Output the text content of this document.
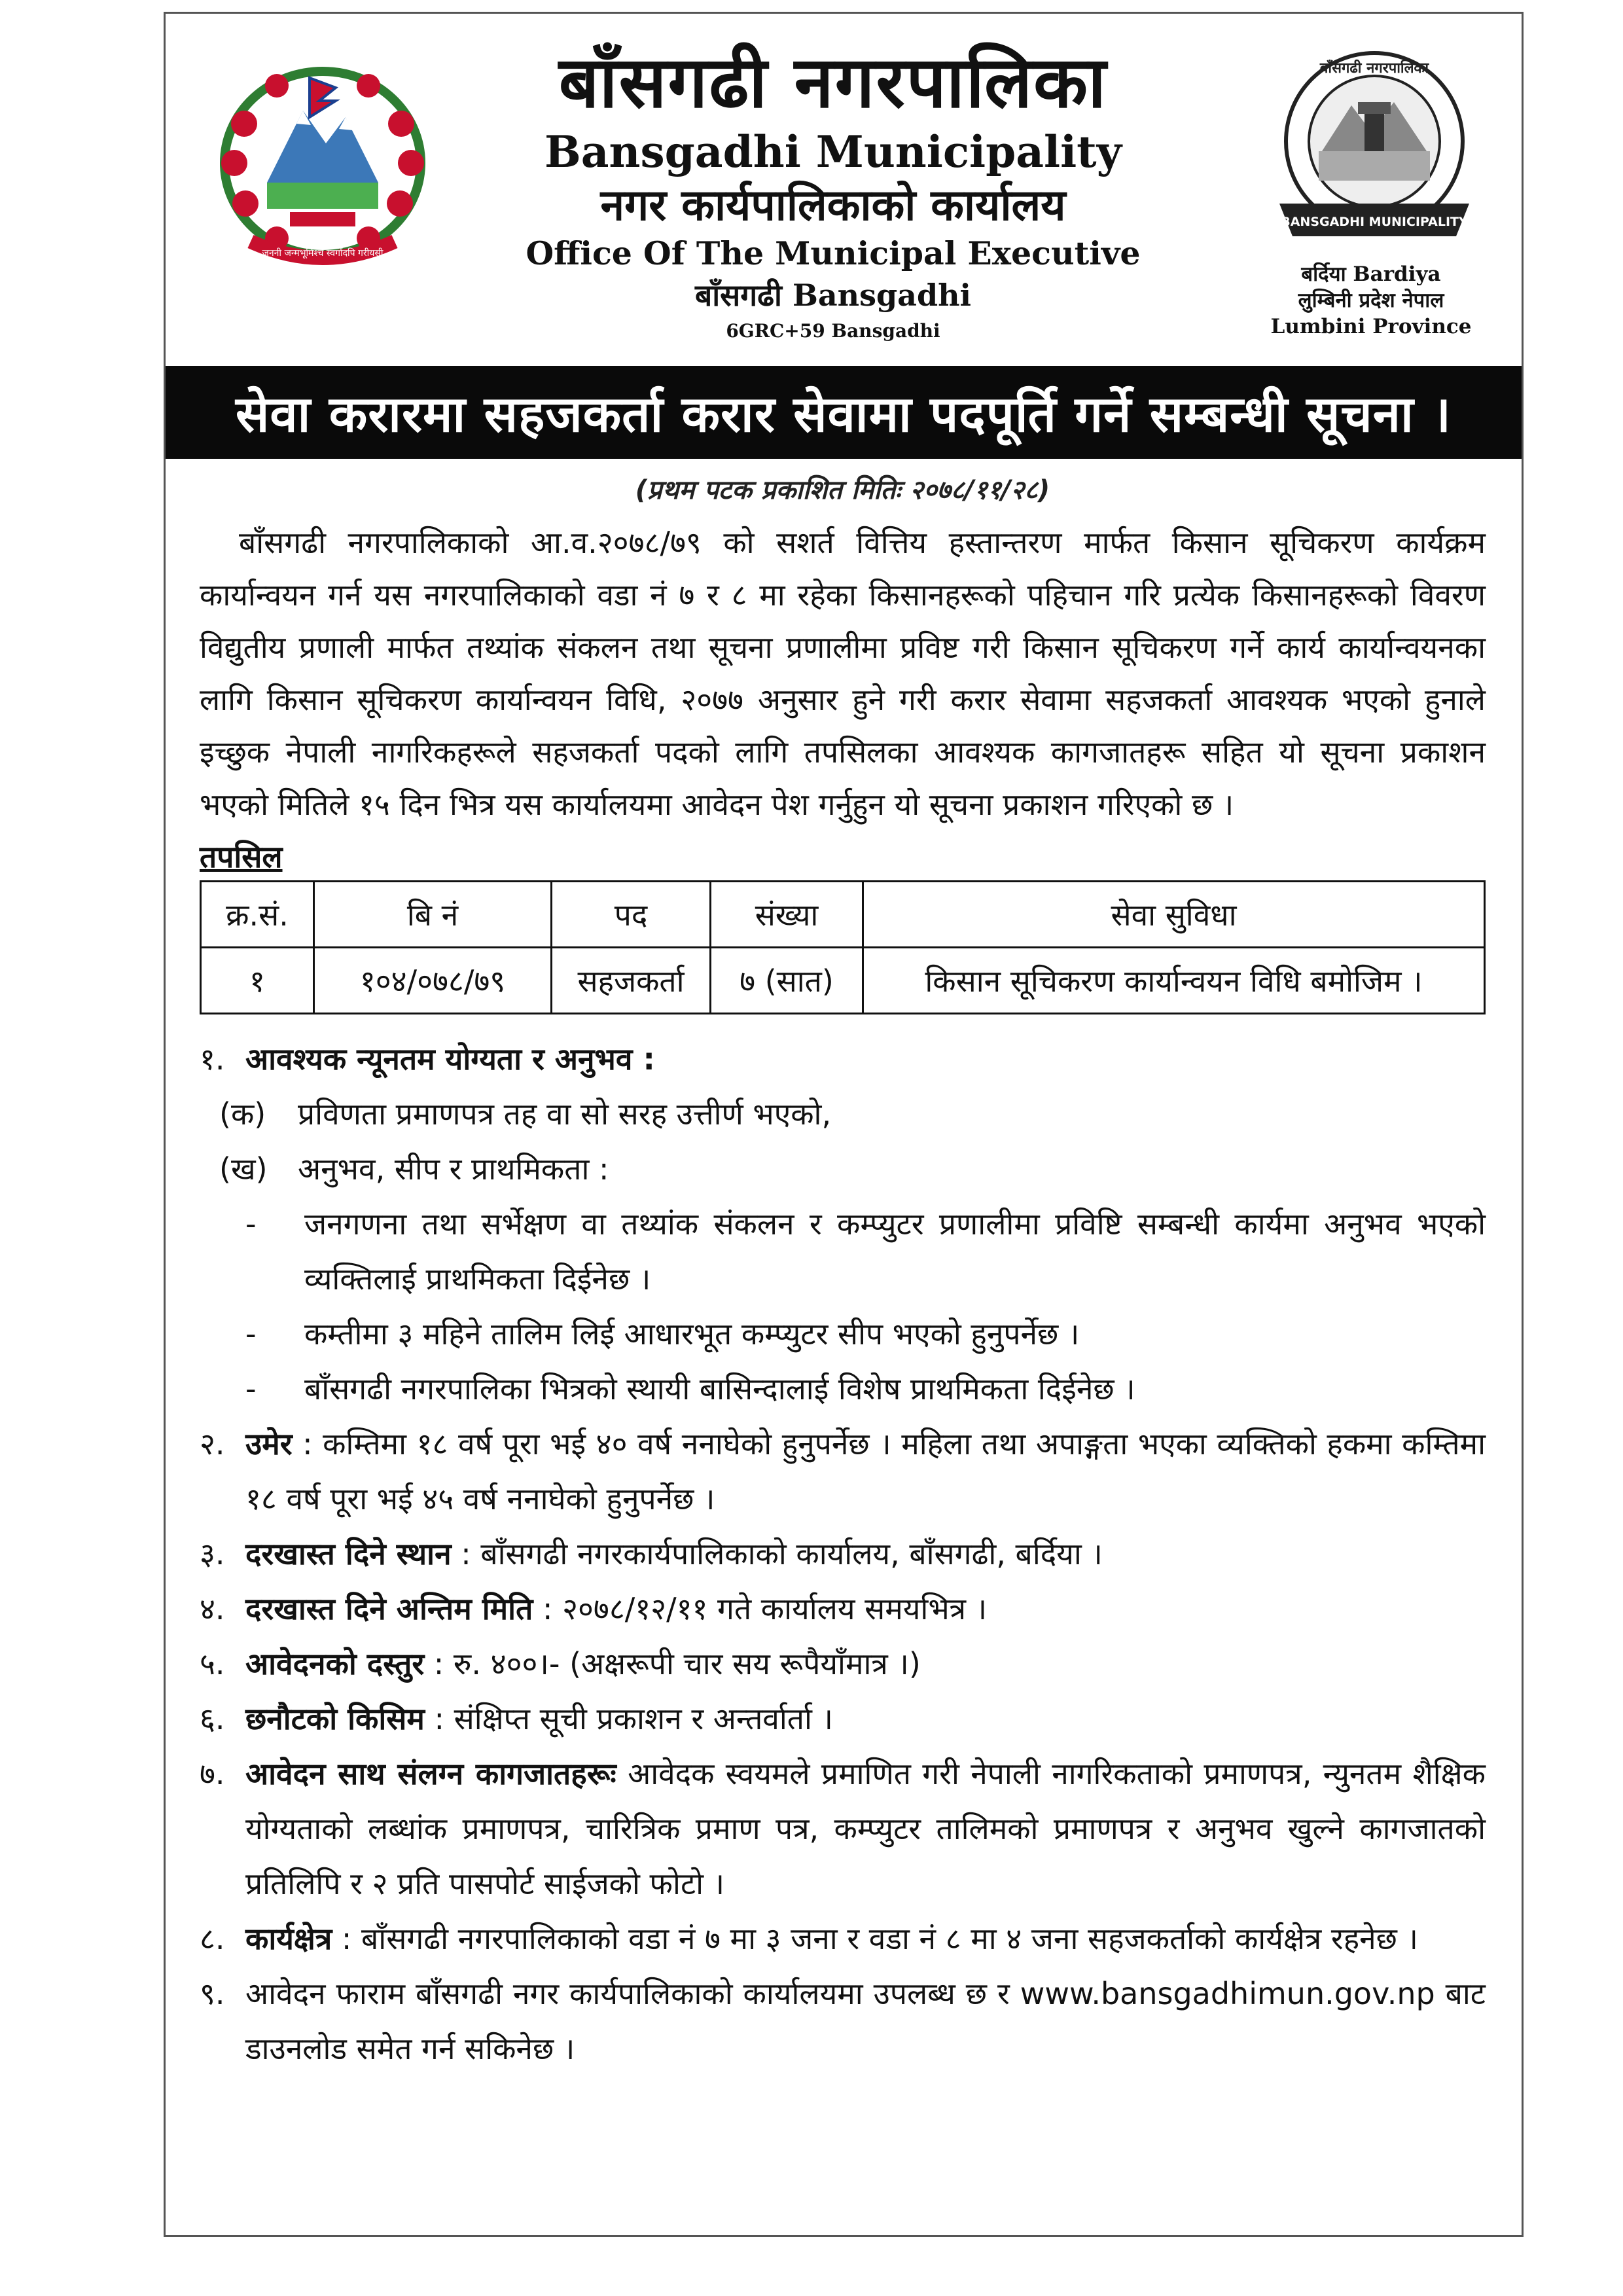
जननी जन्मभूमिश्च स्वर्गादपि गरीयसी
बाँसगढी नगरपालिका
Bansgadhi Municipality
नगर कार्यपालिकाको कार्यालय
Office Of The Municipal Executive
बाँसगढी Bansgadhi
6GRC+59 Bansgadhi
बाँसगढी नगरपालिका
BANSGADHI MUNICIPALITY
बर्दिया Bardiya
लुम्बिनी प्रदेश नेपाल
Lumbini Province
सेवा करारमा सहजकर्ता करार सेवामा पदपूर्ति गर्ने सम्बन्धी सूचना ।
(प्रथम पटक प्रकाशित मितिः २०७८/११/२८)

बाँसगढी नगरपालिकाको आ.व.२०७८/७९ को सशर्त वित्तिय हस्तान्तरण मार्फत किसान सूचिकरण कार्यक्रम कार्यान्वयन गर्न यस नगरपालिकाको वडा नं ७ र ८ मा रहेका किसानहरूको पहिचान गरि प्रत्येक किसानहरूको विवरण विद्युतीय प्रणाली मार्फत तथ्यांक संकलन तथा सूचना प्रणालीमा प्रविष्ट गरी किसान सूचिकरण गर्ने कार्य कार्यान्वयनका लागि किसान सूचिकरण कार्यान्वयन विधि, २०७७ अनुसार हुने गरी करार सेवामा सहजकर्ता आवश्यक भएको हुनाले इच्छुक नेपाली नागरिकहरूले सहजकर्ता पदको लागि तपसिलका आवश्यक कागजातहरू सहित यो सूचना प्रकाशन भएको मितिले १५ दिन भित्र यस कार्यालयमा आवेदन पेश गर्नुहुन यो सूचना प्रकाशन गरिएको छ ।

तपसिल
क्र.सं.	बि नं	पद	संख्या	सेवा सुविधा
१	१०४/०७८/७९	सहजकर्ता	७ (सात)	किसान सूचिकरण कार्यान्वयन विधि बमोजिम ।
१. आवश्यक न्यूनतम योग्यता र अनुभव :
(क)	प्रविणता प्रमाणपत्र तह वा सो सरह उत्तीर्ण भएको,
(ख)	अनुभव, सीप र प्राथमिकता :
-	जनगणना तथा सर्भेक्षण वा तथ्यांक संकलन र कम्प्युटर प्रणालीमा प्रविष्टि सम्बन्धी कार्यमा अनुभव भएको व्यक्तिलाई प्राथमिकता दिईनेछ ।
-	कम्तीमा ३ महिने तालिम लिई आधारभूत कम्प्युटर सीप भएको हुनुपर्नेछ ।
-	बाँसगढी नगरपालिका भित्रको स्थायी बासिन्दालाई विशेष प्राथमिकता दिईनेछ ।
२. उमेर : कम्तिमा १८ वर्ष पूरा भई ४० वर्ष ननाघेको हुनुपर्नेछ । महिला तथा अपाङ्गता भएका व्यक्तिको हकमा कम्तिमा १८ वर्ष पूरा भई ४५ वर्ष ननाघेको हुनुपर्नेछ ।
३. दरखास्त दिने स्थान : बाँसगढी नगरकार्यपालिकाको कार्यालय, बाँसगढी, बर्दिया ।
४. दरखास्त दिने अन्तिम मिति : २०७८/१२/११ गते कार्यालय समयभित्र ।
५. आवेदनको दस्तुर : रु. ४००।- (अक्षरूपी चार सय रूपैयाँमात्र ।)
६. छनौटको किसिम : संक्षिप्त सूची प्रकाशन र अन्तर्वार्ता ।
७. आवेदन साथ संलग्न कागजातहरूः आवेदक स्वयमले प्रमाणित गरी नेपाली नागरिकताको प्रमाणपत्र, न्युनतम शैक्षिक योग्यताको लब्धांक प्रमाणपत्र, चारित्रिक प्रमाण पत्र, कम्प्युटर तालिमको प्रमाणपत्र र अनुभव खुल्ने कागजातको प्रतिलिपि र २ प्रति पासपोर्ट साईजको फोटो ।
८. कार्यक्षेत्र : बाँसगढी नगरपालिकाको वडा नं ७ मा ३ जना र वडा नं ८ मा ४ जना सहजकर्ताको कार्यक्षेत्र रहनेछ ।
९. आवेदन फाराम बाँसगढी नगर कार्यपालिकाको कार्यालयमा उपलब्ध छ र www.bansgadhimun.gov.np बाट डाउनलोड समेत गर्न सकिनेछ ।
